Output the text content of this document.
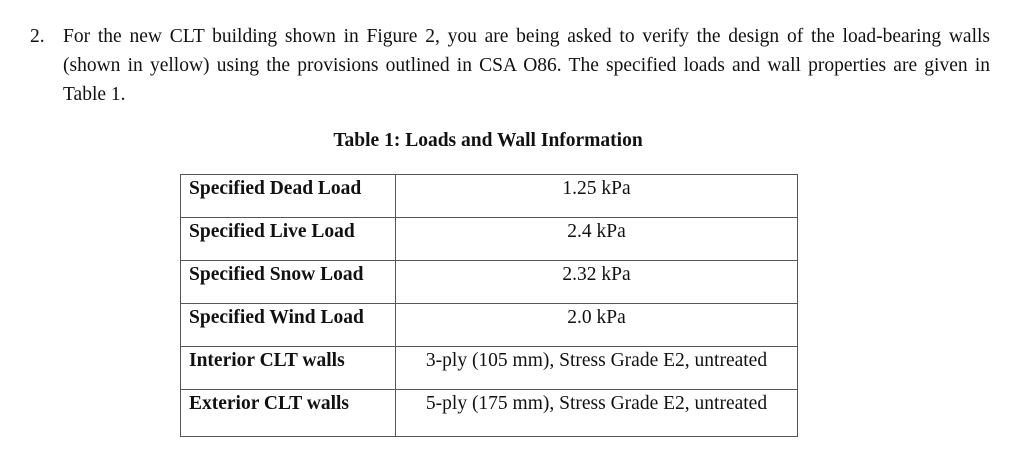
2. For the new CLT building shown in Figure 2, you are being asked to verify the design of the load-bearing walls (shown in yellow) using the provisions outlined in CSA O86. The specified loads and wall properties are given in Table 1.
Table 1: Loads and Wall Information
Specified Dead Load	1.25 kPa
Specified Live Load	2.4 kPa
Specified Snow Load	2.32 kPa
Specified Wind Load	2.0 kPa
Interior CLT walls	3-ply (105 mm), Stress Grade E2, untreated
Exterior CLT walls	5-ply (175 mm), Stress Grade E2, untreated
